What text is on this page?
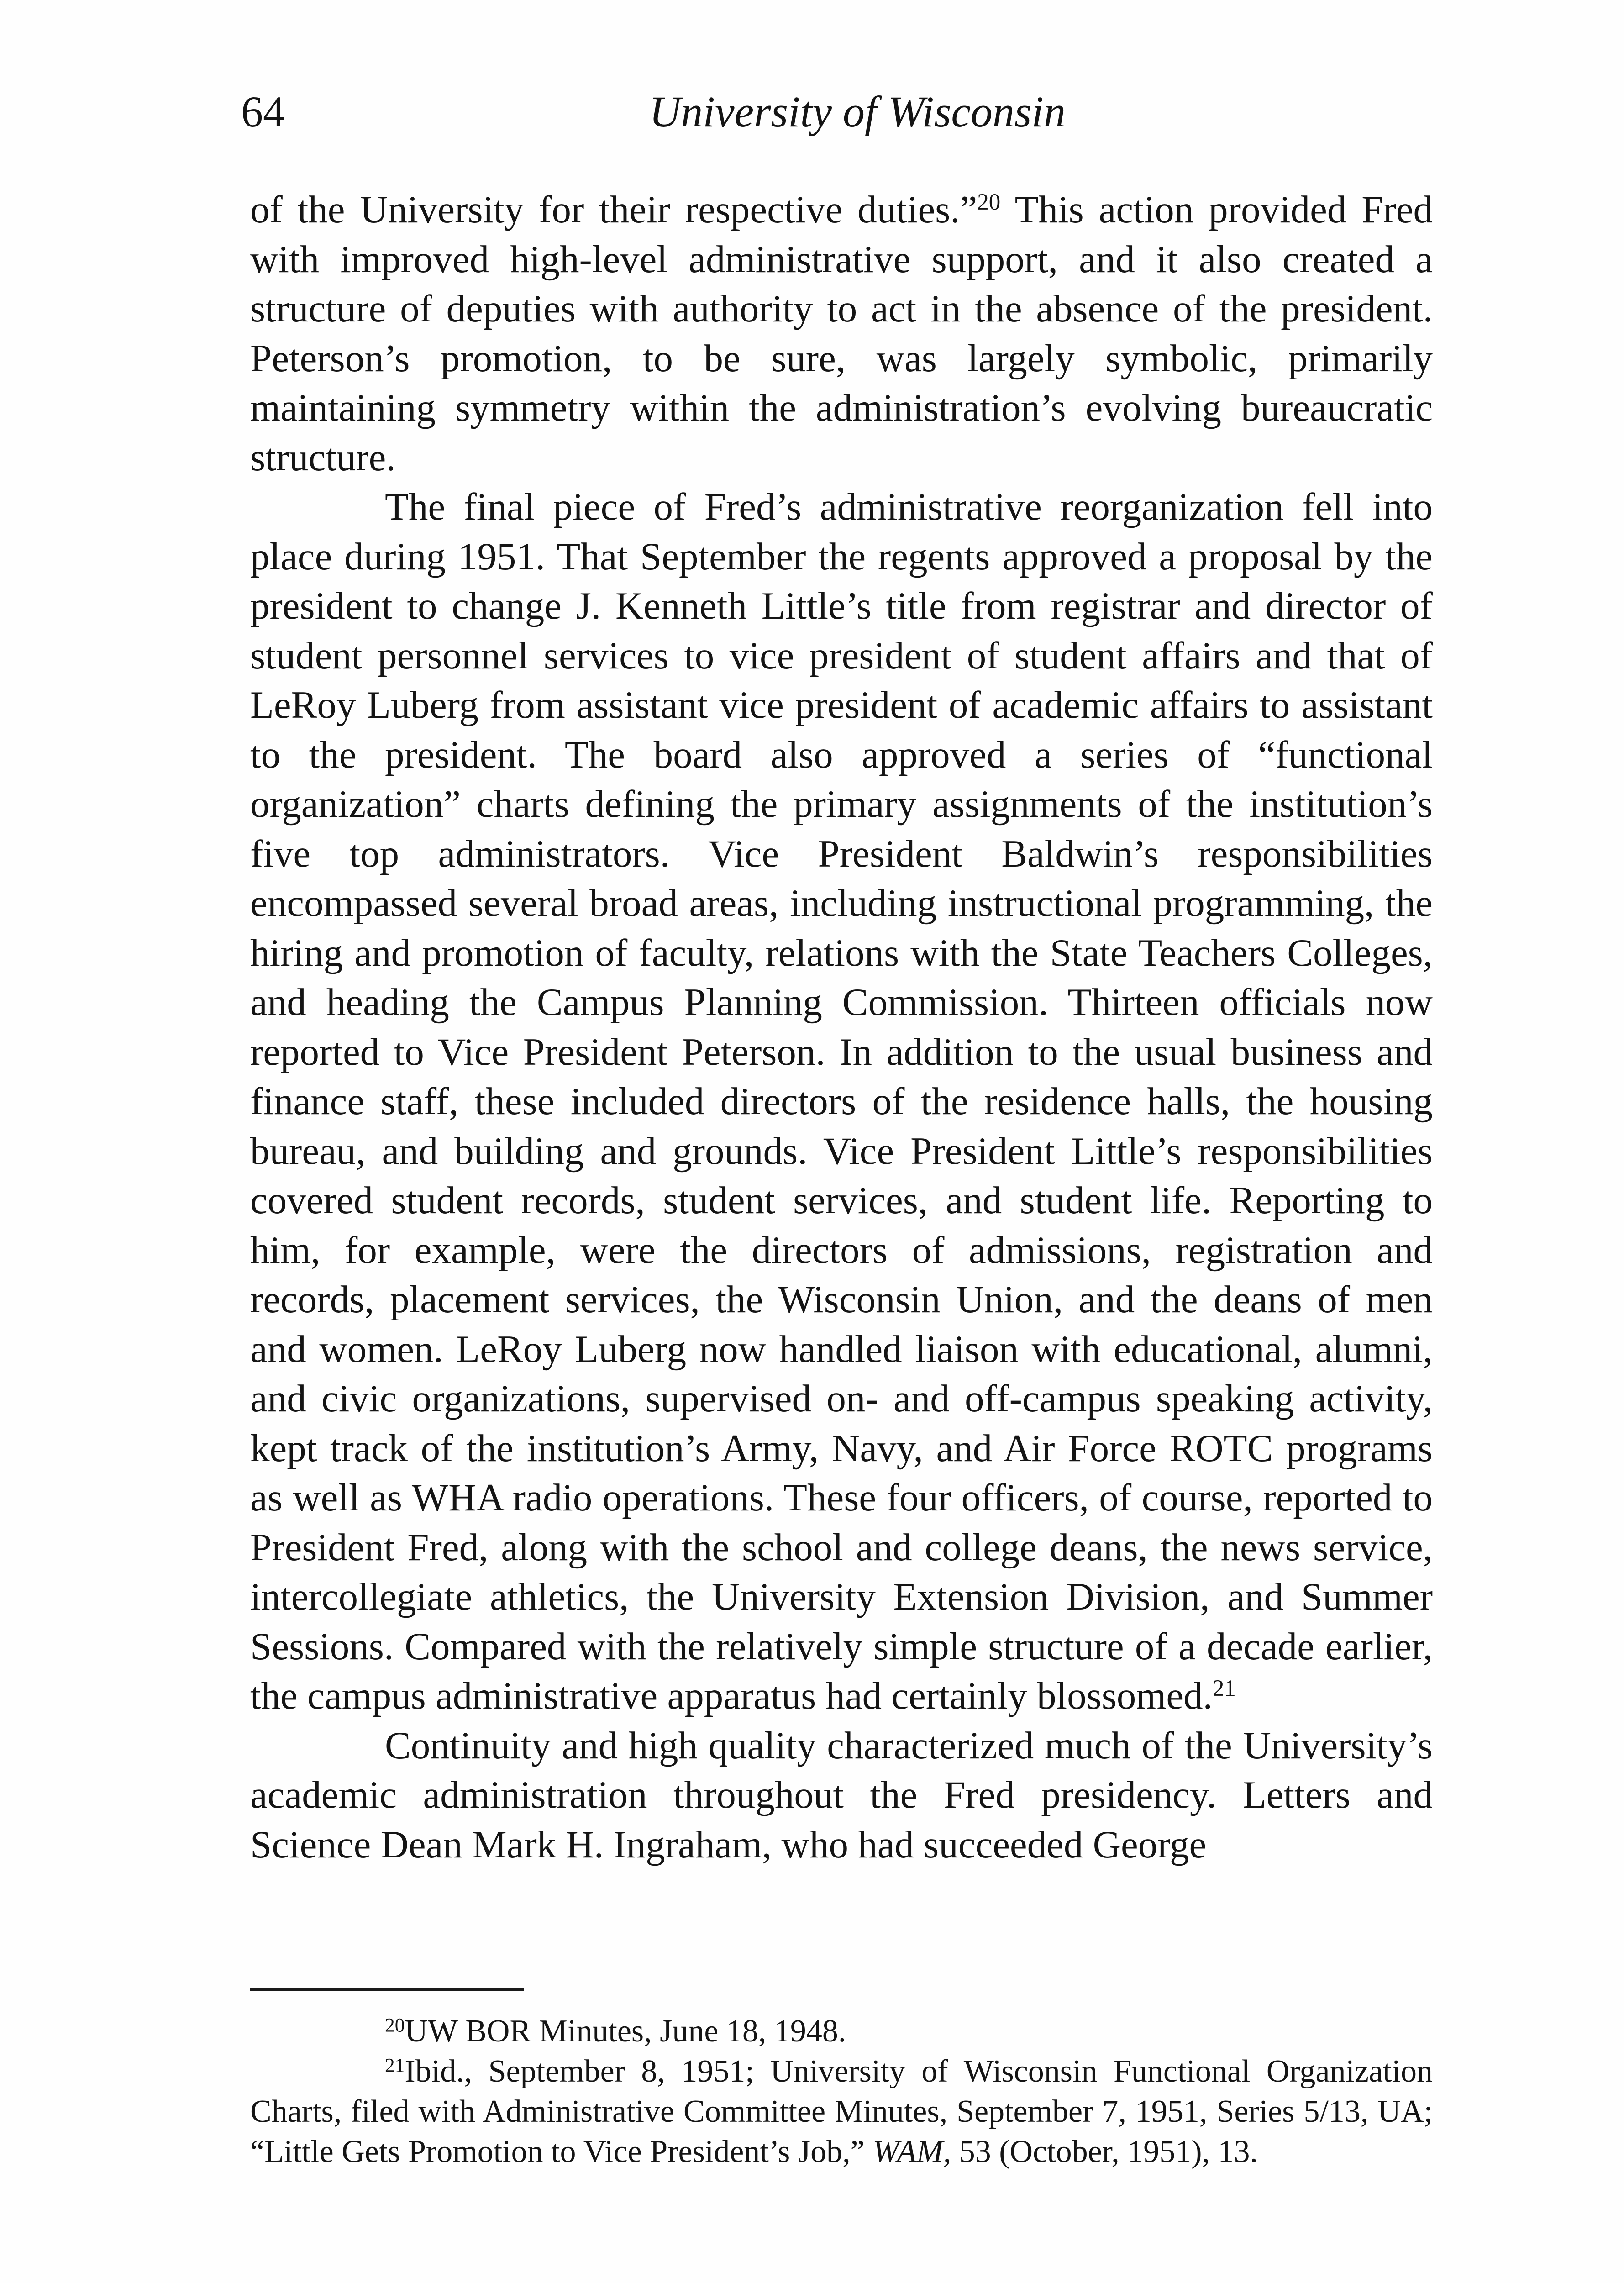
64	University of Wisconsin

of the University for their respective duties.”$^{20}$ This action provided Fred with improved high-level administrative support, and it also created a structure of deputies with authority to act in the absence of the president. Peterson’s promotion, to be sure, was largely symbolic, primarily maintaining symmetry within the administration’s evolving bureaucratic structure.

The final piece of Fred’s administrative reorganization fell into place during 1951. That September the regents approved a proposal by the president to change J. Kenneth Little’s title from registrar and director of student personnel services to vice president of student affairs and that of LeRoy Luberg from assistant vice president of academic affairs to assistant to the president. The board also approved a series of “functional organization” charts defining the primary assignments of the institution’s five top administrators. Vice President Baldwin’s responsibilities encompassed several broad areas, including instructional programming, the hiring and promotion of faculty, relations with the State Teachers Colleges, and heading the Campus Planning Commission. Thirteen officials now reported to Vice President Peterson. In addition to the usual business and finance staff, these included directors of the residence halls, the housing bureau, and building and grounds. Vice President Little’s responsibilities covered student records, student services, and student life. Reporting to him, for example, were the directors of admissions, registration and records, placement services, the Wisconsin Union, and the deans of men and women. LeRoy Luberg now handled liaison with educational, alumni, and civic organizations, supervised on- and off-campus speaking activity, kept track of the institution’s Army, Navy, and Air Force ROTC programs as well as WHA radio operations. These four officers, of course, reported to President Fred, along with the school and college deans, the news service, intercollegiate athletics, the University Extension Division, and Summer Sessions. Compared with the relatively simple structure of a decade earlier, the campus administrative apparatus had certainly blossomed.$^{21}$

Continuity and high quality characterized much of the University’s academic administration throughout the Fred presidency. Letters and Science Dean Mark H. Ingraham, who had succeeded George

$^{20}$UW BOR Minutes, June 18, 1948.

$^{21}$Ibid., September 8, 1951; University of Wisconsin Functional Organization Charts, filed with Administrative Committee Minutes, September 7, 1951, Series 5/13, UA; “Little Gets Promotion to Vice President’s Job,” WAM, 53 (October, 1951), 13.
